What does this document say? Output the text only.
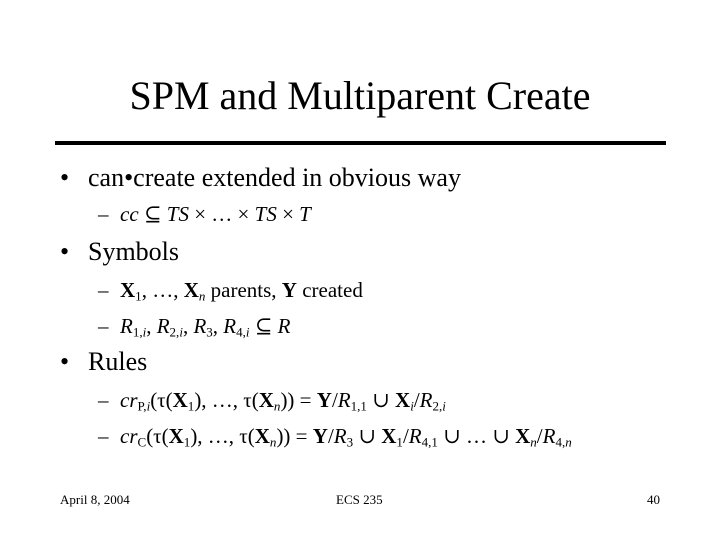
SPM and Multiparent Create
• can•create extended in obvious way
– cc ⊆ TS × … × TS × T
• Symbols
– $X_1$, …, $X_n$ parents, Y created
– $R_{1,i}$, $R_{2,i}$, $R_3$, $R_{4,i}$ ⊆ R
• Rules
– $cr_{P,i}(\tau(X_1)$, …, $\tau(X_n)) = Y/R_{1,1}$ ∪ $X_i/R_{2,i}$
– $cr_C(\tau(X_1)$, …, $\tau(X_n)) = Y/R_3$ ∪ $X_1/R_{4,1}$ ∪ … ∪ $X_n/R_{4,n}$
April 8, 2004	ECS 235	40
